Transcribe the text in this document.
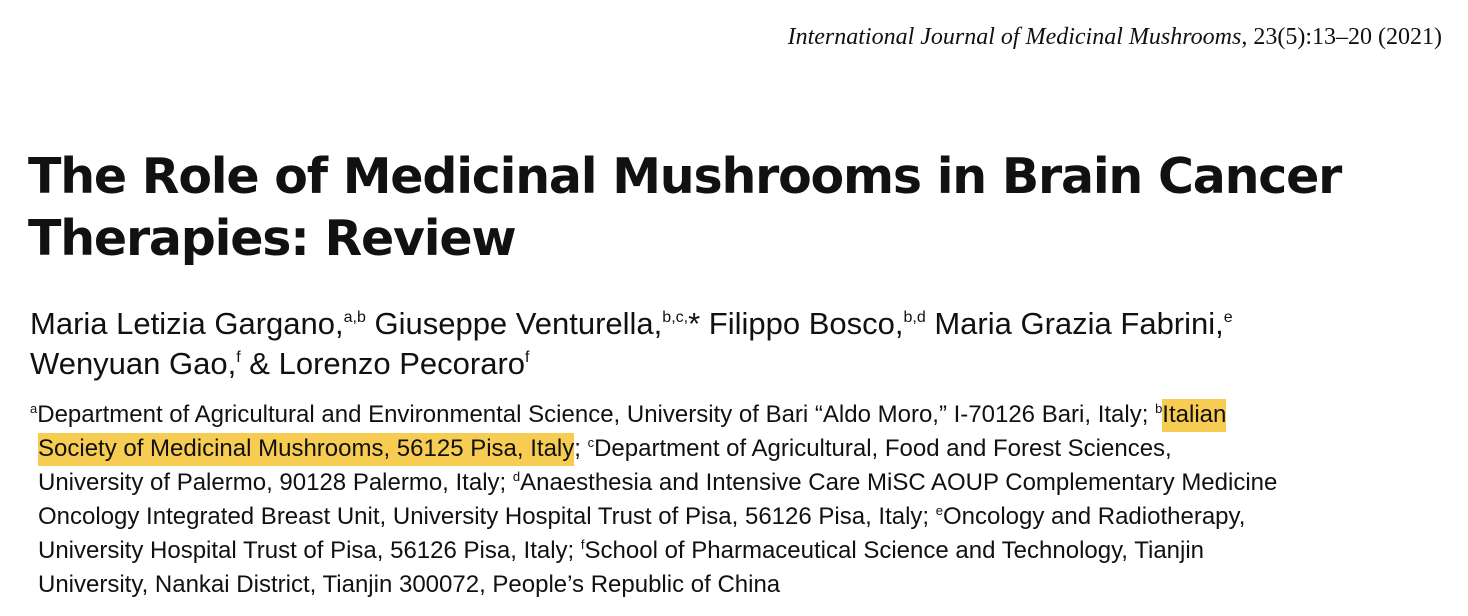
International Journal of Medicinal Mushrooms, 23(5):13–20 (2021)
The Role of Medicinal Mushrooms in Brain Cancer
Therapies: Review
Maria Letizia Gargano,$^{a,b}$ Giuseppe Venturella,$^{b,c,}$* Filippo Bosco,$^{b,d}$ Maria Grazia Fabrini,$^e$
Wenyuan Gao,$^f$ & Lorenzo Pecoraro$^f$
$^a$Department of Agricultural and Environmental Science, University of Bari “Aldo Moro,” I-70126 Bari, Italy; $^b$Italian
Society of Medicinal Mushrooms, 56125 Pisa, Italy; $^c$Department of Agricultural, Food and Forest Sciences,
University of Palermo, 90128 Palermo, Italy; $^d$Anaesthesia and Intensive Care MiSC AOUP Complementary Medicine
Oncology Integrated Breast Unit, University Hospital Trust of Pisa, 56126 Pisa, Italy; $^e$Oncology and Radiotherapy,
University Hospital Trust of Pisa, 56126 Pisa, Italy; $^f$School of Pharmaceutical Science and Technology, Tianjin
University, Nankai District, Tianjin 300072, People’s Republic of China
